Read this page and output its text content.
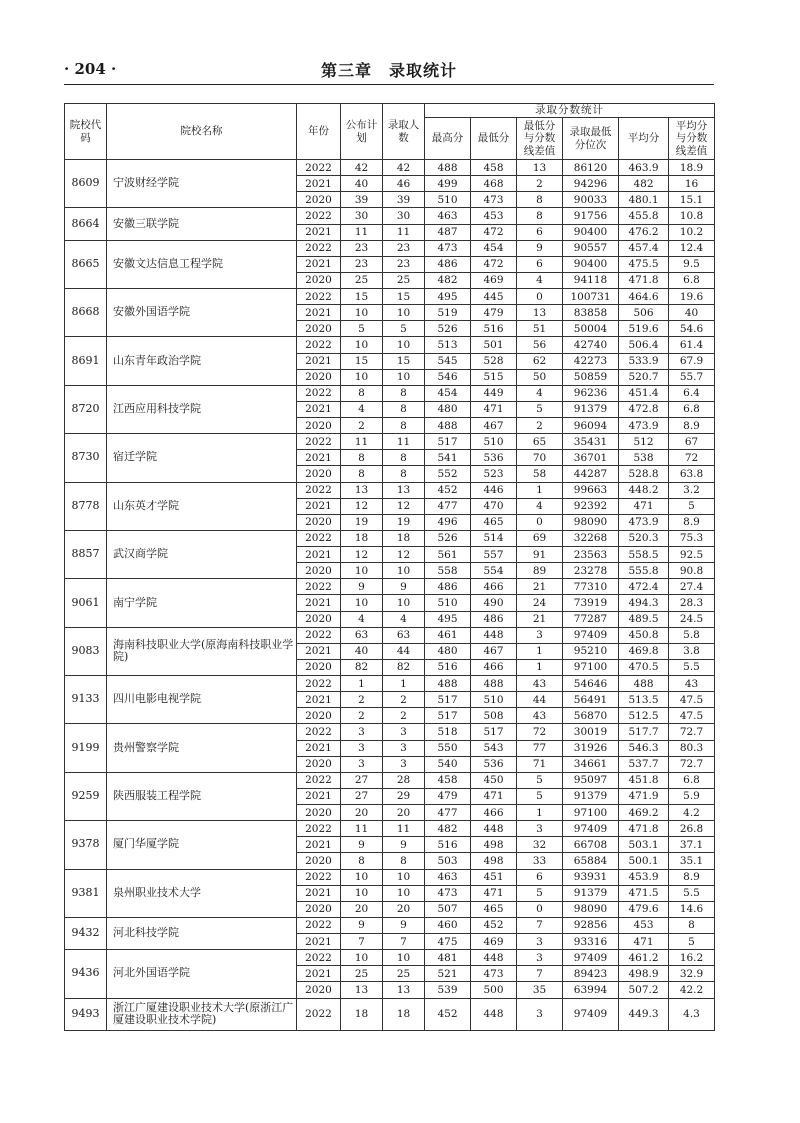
· 204 ·	第三章　录取统计
院校代码	院校名称	年份	公布计划	录取人数	录取分数统计					
					最高分	最低分	最低分与分数线差值	录取最低分位次	平均分	平均分与分数线差值
8609	宁波财经学院	2022	42	42	488	458	13	86120	463.9	18.9
		2021	40	46	499	468	2	94296	482	16
		2020	39	39	510	473	8	90033	480.1	15.1
8664	安徽三联学院	2022	30	30	463	453	8	91756	455.8	10.8
		2021	11	11	487	472	6	90400	476.2	10.2
8665	安徽文达信息工程学院	2022	23	23	473	454	9	90557	457.4	12.4
		2021	23	23	486	472	6	90400	475.5	9.5
		2020	25	25	482	469	4	94118	471.8	6.8
8668	安徽外国语学院	2022	15	15	495	445	0	100731	464.6	19.6
		2021	10	10	519	479	13	83858	506	40
		2020	5	5	526	516	51	50004	519.6	54.6
8691	山东青年政治学院	2022	10	10	513	501	56	42740	506.4	61.4
		2021	15	15	545	528	62	42273	533.9	67.9
		2020	10	10	546	515	50	50859	520.7	55.7
8720	江西应用科技学院	2022	8	8	454	449	4	96236	451.4	6.4
		2021	4	8	480	471	5	91379	472.8	6.8
		2020	2	8	488	467	2	96094	473.9	8.9
8730	宿迁学院	2022	11	11	517	510	65	35431	512	67
		2021	8	8	541	536	70	36701	538	72
		2020	8	8	552	523	58	44287	528.8	63.8
8778	山东英才学院	2022	13	13	452	446	1	99663	448.2	3.2
		2021	12	12	477	470	4	92392	471	5
		2020	19	19	496	465	0	98090	473.9	8.9
8857	武汉商学院	2022	18	18	526	514	69	32268	520.3	75.3
		2021	12	12	561	557	91	23563	558.5	92.5
		2020	10	10	558	554	89	23278	555.8	90.8
9061	南宁学院	2022	9	9	486	466	21	77310	472.4	27.4
		2021	10	10	510	490	24	73919	494.3	28.3
		2020	4	4	495	486	21	77287	489.5	24.5
9083	海南科技职业大学(原海南科技职业学院)	2022	63	63	461	448	3	97409	450.8	5.8
		2021	40	44	480	467	1	95210	469.8	3.8
		2020	82	82	516	466	1	97100	470.5	5.5
9133	四川电影电视学院	2022	1	1	488	488	43	54646	488	43
		2021	2	2	517	510	44	56491	513.5	47.5
		2020	2	2	517	508	43	56870	512.5	47.5
9199	贵州警察学院	2022	3	3	518	517	72	30019	517.7	72.7
		2021	3	3	550	543	77	31926	546.3	80.3
		2020	3	3	540	536	71	34661	537.7	72.7
9259	陕西服装工程学院	2022	27	28	458	450	5	95097	451.8	6.8
		2021	27	29	479	471	5	91379	471.9	5.9
		2020	20	20	477	466	1	97100	469.2	4.2
9378	厦门华厦学院	2022	11	11	482	448	3	97409	471.8	26.8
		2021	9	9	516	498	32	66708	503.1	37.1
		2020	8	8	503	498	33	65884	500.1	35.1
9381	泉州职业技术大学	2022	10	10	463	451	6	93931	453.9	8.9
		2021	10	10	473	471	5	91379	471.5	5.5
		2020	20	20	507	465	0	98090	479.6	14.6
9432	河北科技学院	2022	9	9	460	452	7	92856	453	8
		2021	7	7	475	469	3	93316	471	5
9436	河北外国语学院	2022	10	10	481	448	3	97409	461.2	16.2
		2021	25	25	521	473	7	89423	498.9	32.9
		2020	13	13	539	500	35	63994	507.2	42.2
9493	浙江广厦建设职业技术大学(原浙江广厦建设职业技术学院)	2022	18	18	452	448	3	97409	449.3	4.3
